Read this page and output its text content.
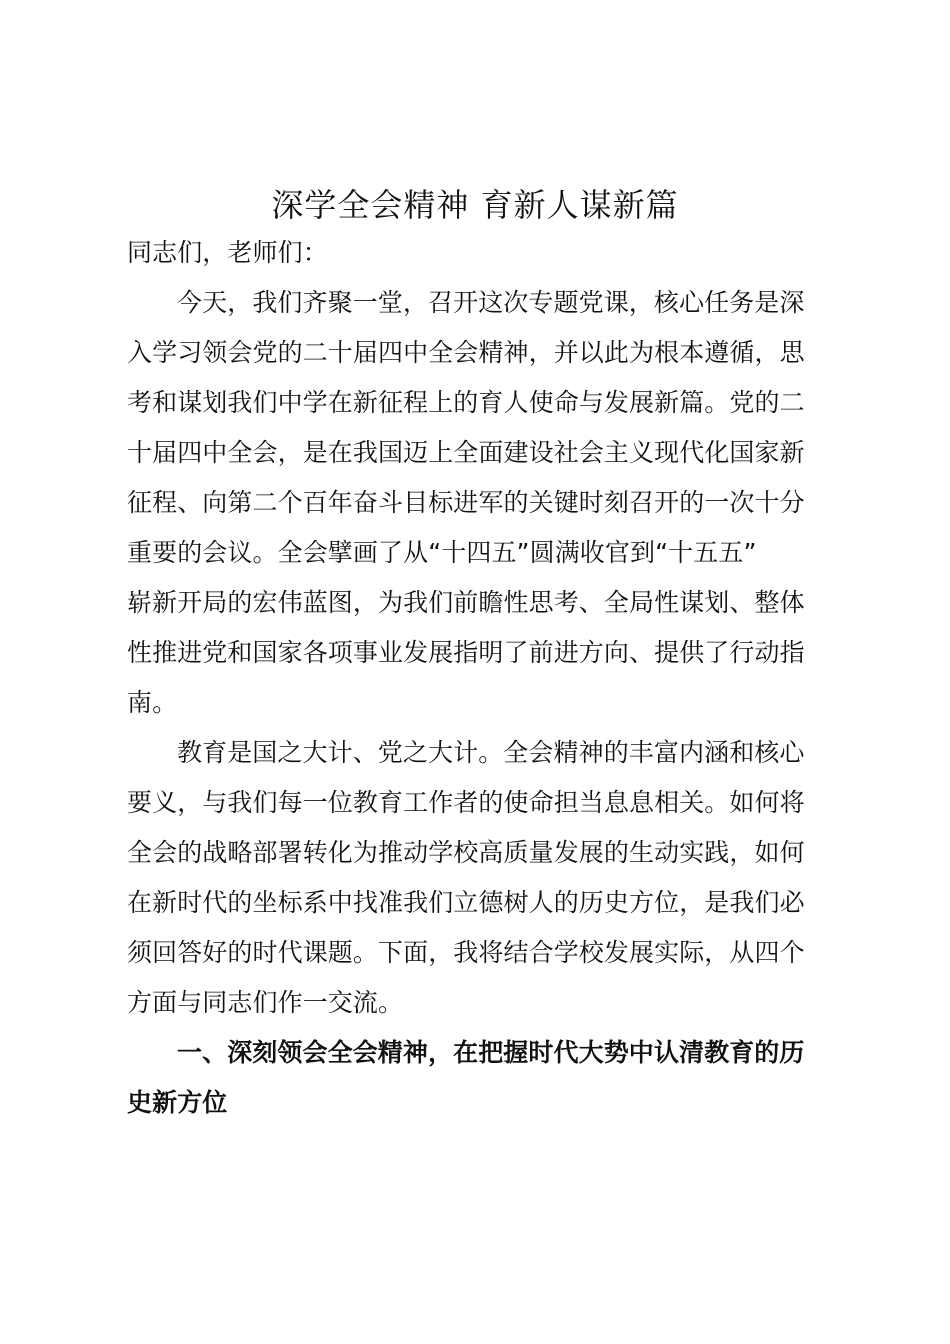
深学全会精神 育新人谋新篇
同志们，老师们：
今天，我们齐聚一堂，召开这次专题党课，核心任务是深
入学习领会党的二十届四中全会精神，并以此为根本遵循，思
考和谋划我们中学在新征程上的育人使命与发展新篇。党的二
十届四中全会，是在我国迈上全面建设社会主义现代化国家新
征程、向第二个百年奋斗目标进军的关键时刻召开的一次十分
重要的会议。全会擘画了从“十四五”圆满收官到“十五五”
崭新开局的宏伟蓝图，为我们前瞻性思考、全局性谋划、整体
性推进党和国家各项事业发展指明了前进方向、提供了行动指
南。
教育是国之大计、党之大计。全会精神的丰富内涵和核心
要义，与我们每一位教育工作者的使命担当息息相关。如何将
全会的战略部署转化为推动学校高质量发展的生动实践，如何
在新时代的坐标系中找准我们立德树人的历史方位，是我们必
须回答好的时代课题。下面，我将结合学校发展实际，从四个
方面与同志们作一交流。
一、深刻领会全会精神，在把握时代大势中认清教育的历
史新方位
